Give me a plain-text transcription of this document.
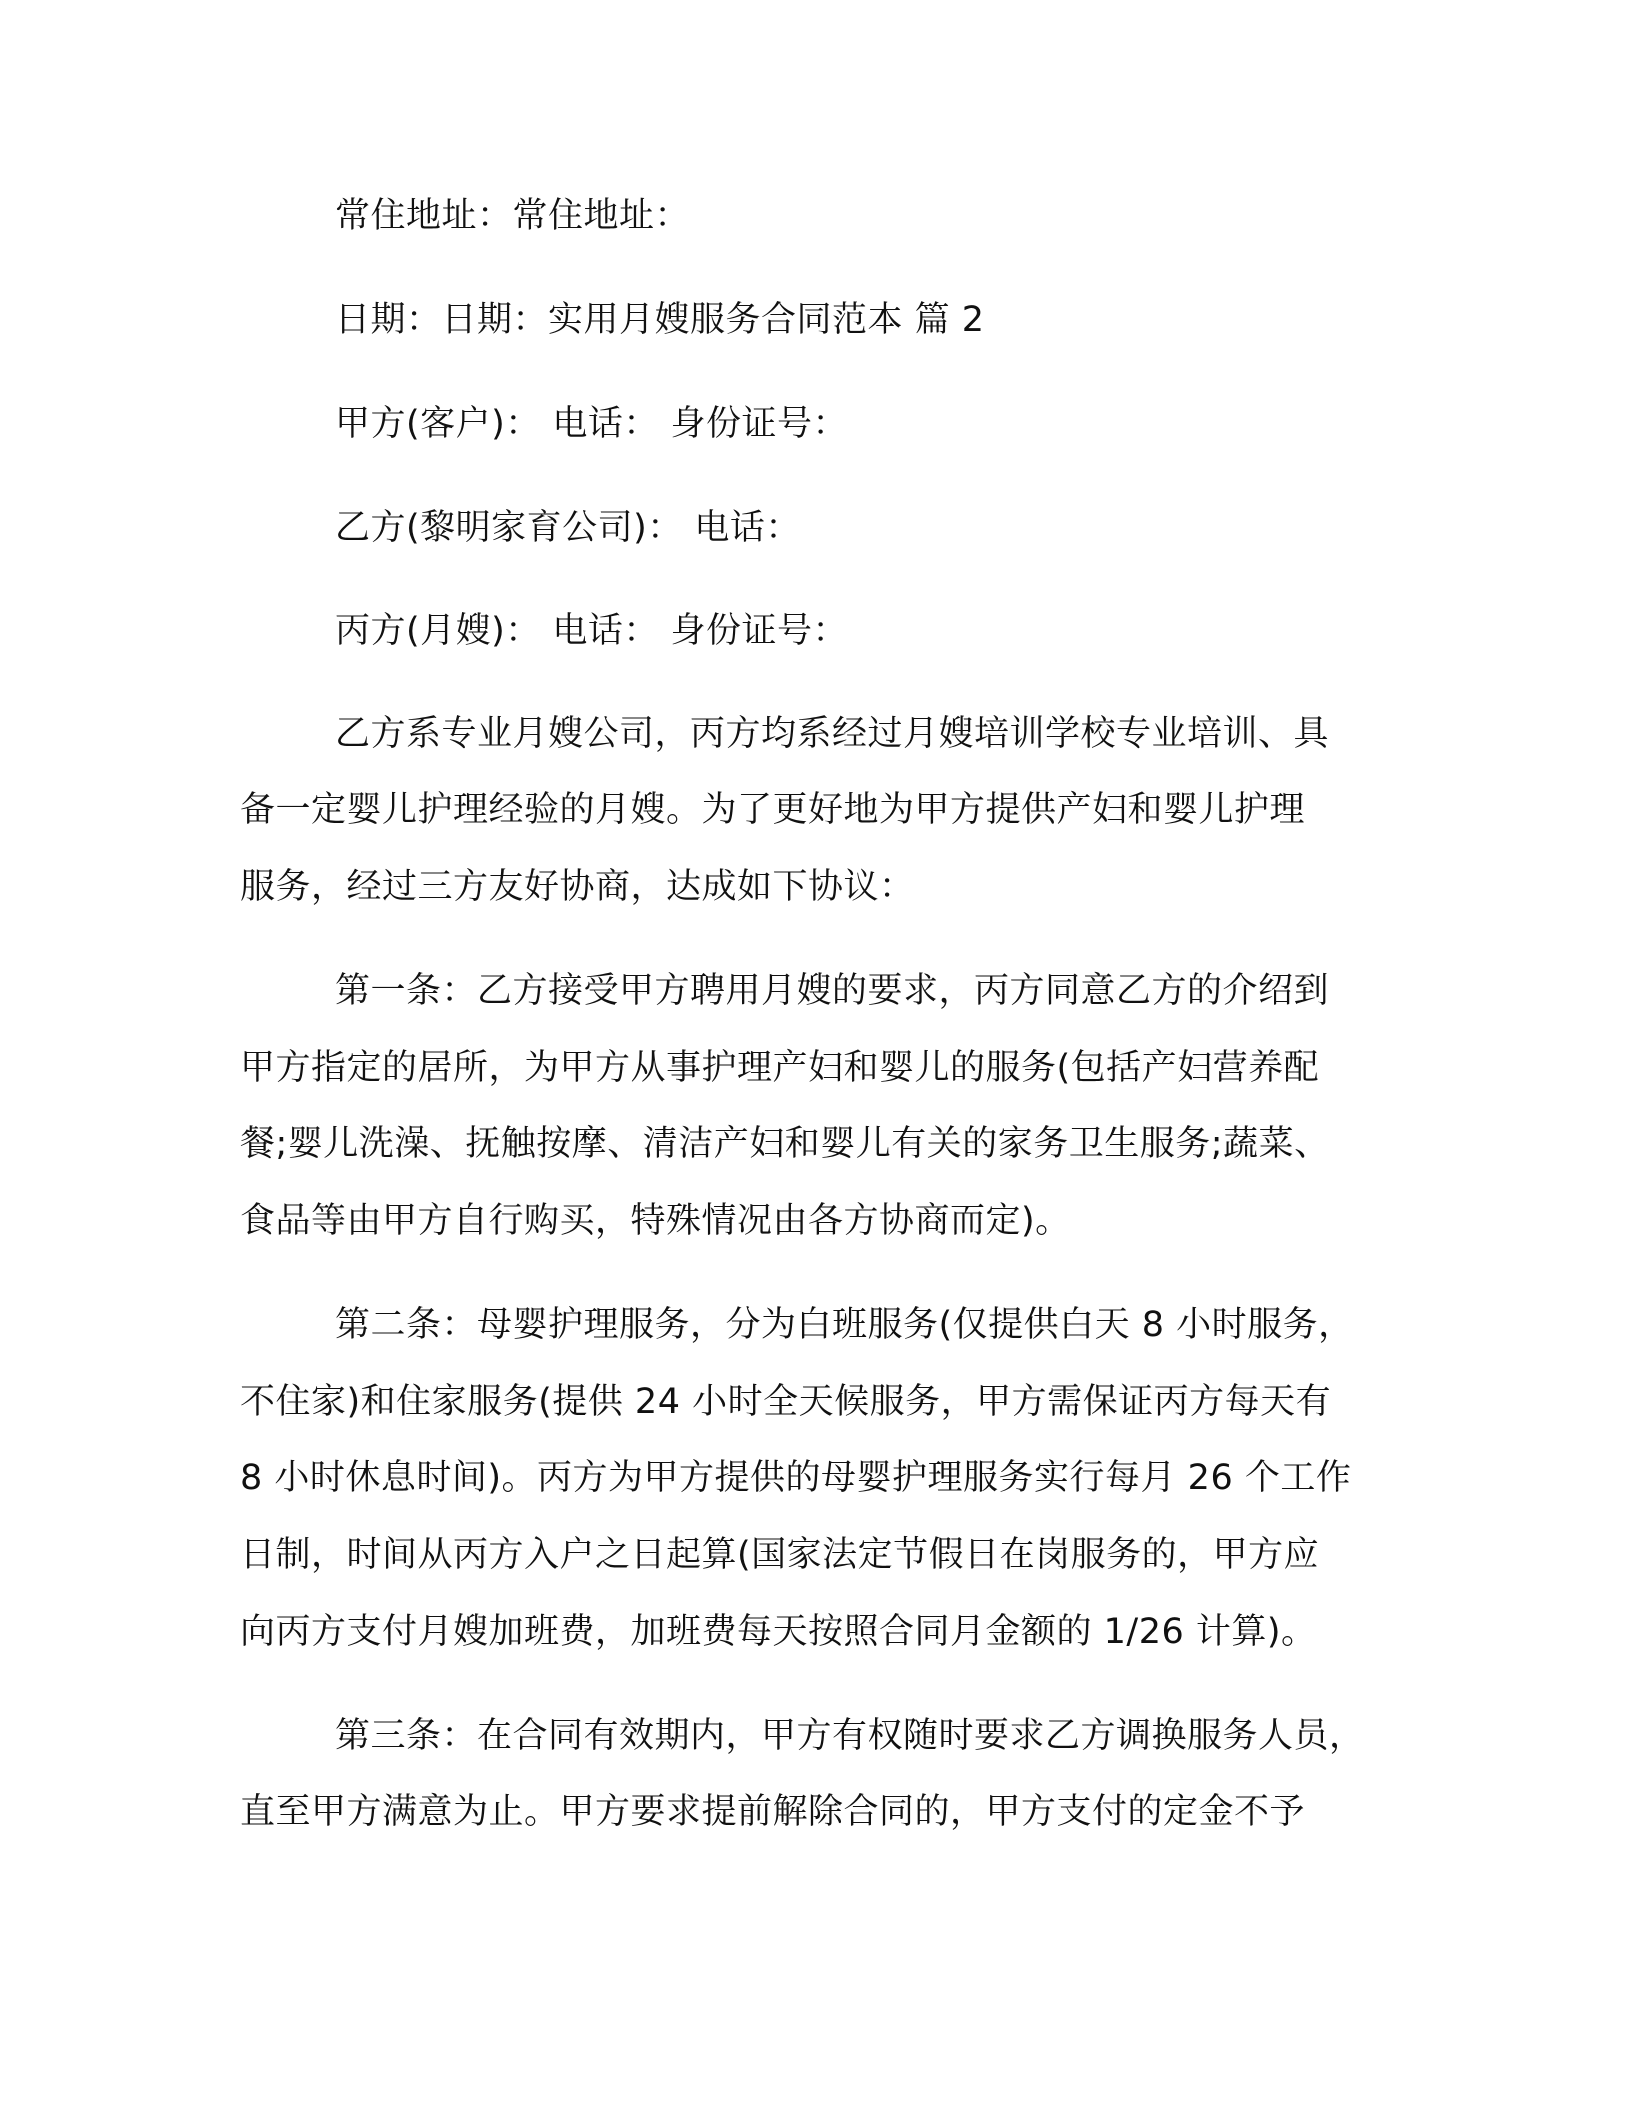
常住地址：常住地址：
日期：日期：实用月嫂服务合同范本 篇 2
甲方(客户)： 电话： 身份证号：
乙方(黎明家育公司)： 电话：
丙方(月嫂)： 电话： 身份证号：
乙方系专业月嫂公司，丙方均系经过月嫂培训学校专业培训、具
备一定婴儿护理经验的月嫂。为了更好地为甲方提供产妇和婴儿护理
服务，经过三方友好协商，达成如下协议：
第一条：乙方接受甲方聘用月嫂的要求，丙方同意乙方的介绍到
甲方指定的居所，为甲方从事护理产妇和婴儿的服务(包括产妇营养配
餐;婴儿洗澡、抚触按摩、清洁产妇和婴儿有关的家务卫生服务;蔬菜、
食品等由甲方自行购买，特殊情况由各方协商而定)。
第二条：母婴护理服务，分为白班服务(仅提供白天 8 小时服务，
不住家)和住家服务(提供 24 小时全天候服务，甲方需保证丙方每天有
8 小时休息时间)。丙方为甲方提供的母婴护理服务实行每月 26 个工作
日制，时间从丙方入户之日起算(国家法定节假日在岗服务的，甲方应
向丙方支付月嫂加班费，加班费每天按照合同月金额的 1/26 计算)。
第三条：在合同有效期内，甲方有权随时要求乙方调换服务人员，
直至甲方满意为止。甲方要求提前解除合同的，甲方支付的定金不予
